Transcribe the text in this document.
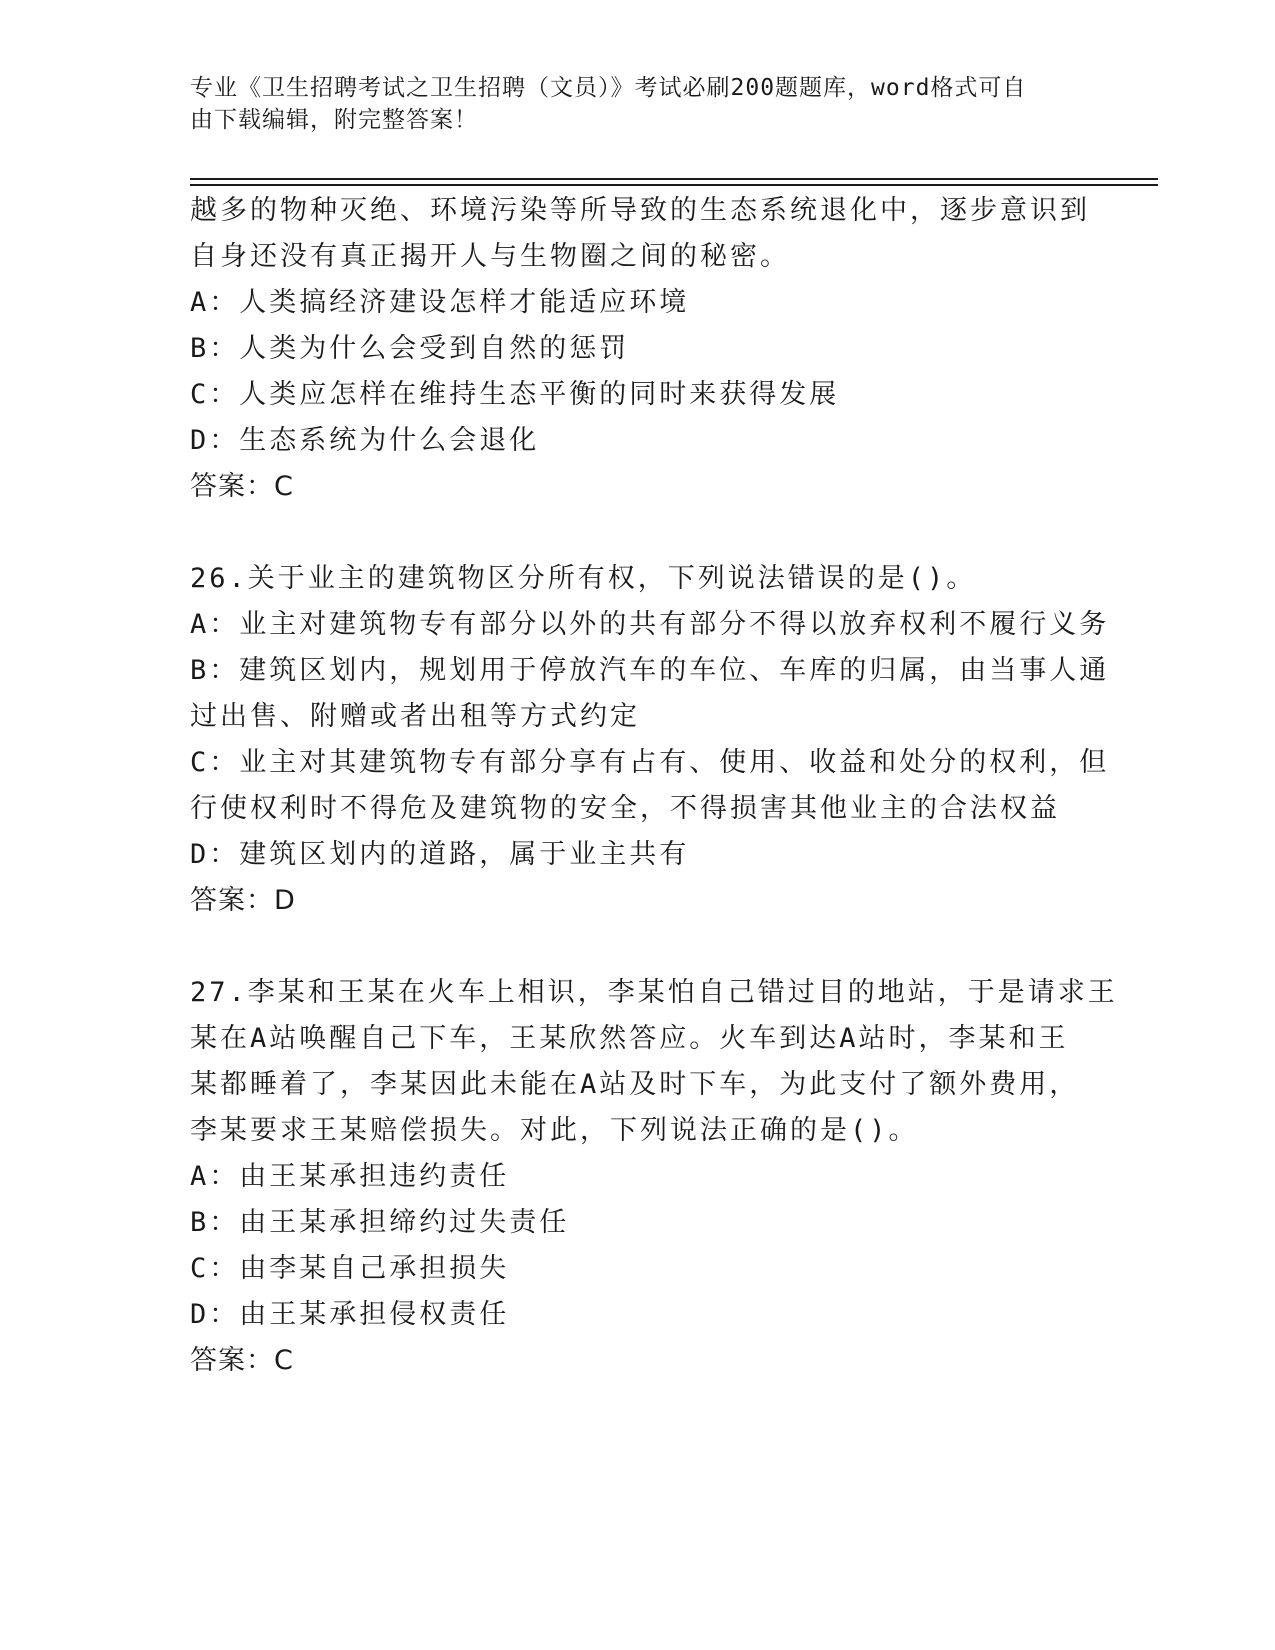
专业《卫生招聘考试之卫生招聘（文员）》考试必刷200题题库，word格式可自
由下载编辑，附完整答案！
越多的物种灭绝、环境污染等所导致的生态系统退化中，逐步意识到
自身还没有真正揭开人与生物圈之间的秘密。
A：人类搞经济建设怎样才能适应环境
B：人类为什么会受到自然的惩罚
C：人类应怎样在维持生态平衡的同时来获得发展
D：生态系统为什么会退化
答案：C
26.关于业主的建筑物区分所有权，下列说法错误的是()。
A：业主对建筑物专有部分以外的共有部分不得以放弃权利不履行义务
B：建筑区划内，规划用于停放汽车的车位、车库的归属，由当事人通
过出售、附赠或者出租等方式约定
C：业主对其建筑物专有部分享有占有、使用、收益和处分的权利，但
行使权利时不得危及建筑物的安全，不得损害其他业主的合法权益
D：建筑区划内的道路，属于业主共有
答案：D
27.李某和王某在火车上相识，李某怕自己错过目的地站，于是请求王
某在A站唤醒自己下车，王某欣然答应。火车到达A站时，李某和王
某都睡着了，李某因此未能在A站及时下车，为此支付了额外费用，
李某要求王某赔偿损失。对此，下列说法正确的是()。
A：由王某承担违约责任
B：由王某承担缔约过失责任
C：由李某自己承担损失
D：由王某承担侵权责任
答案：C
